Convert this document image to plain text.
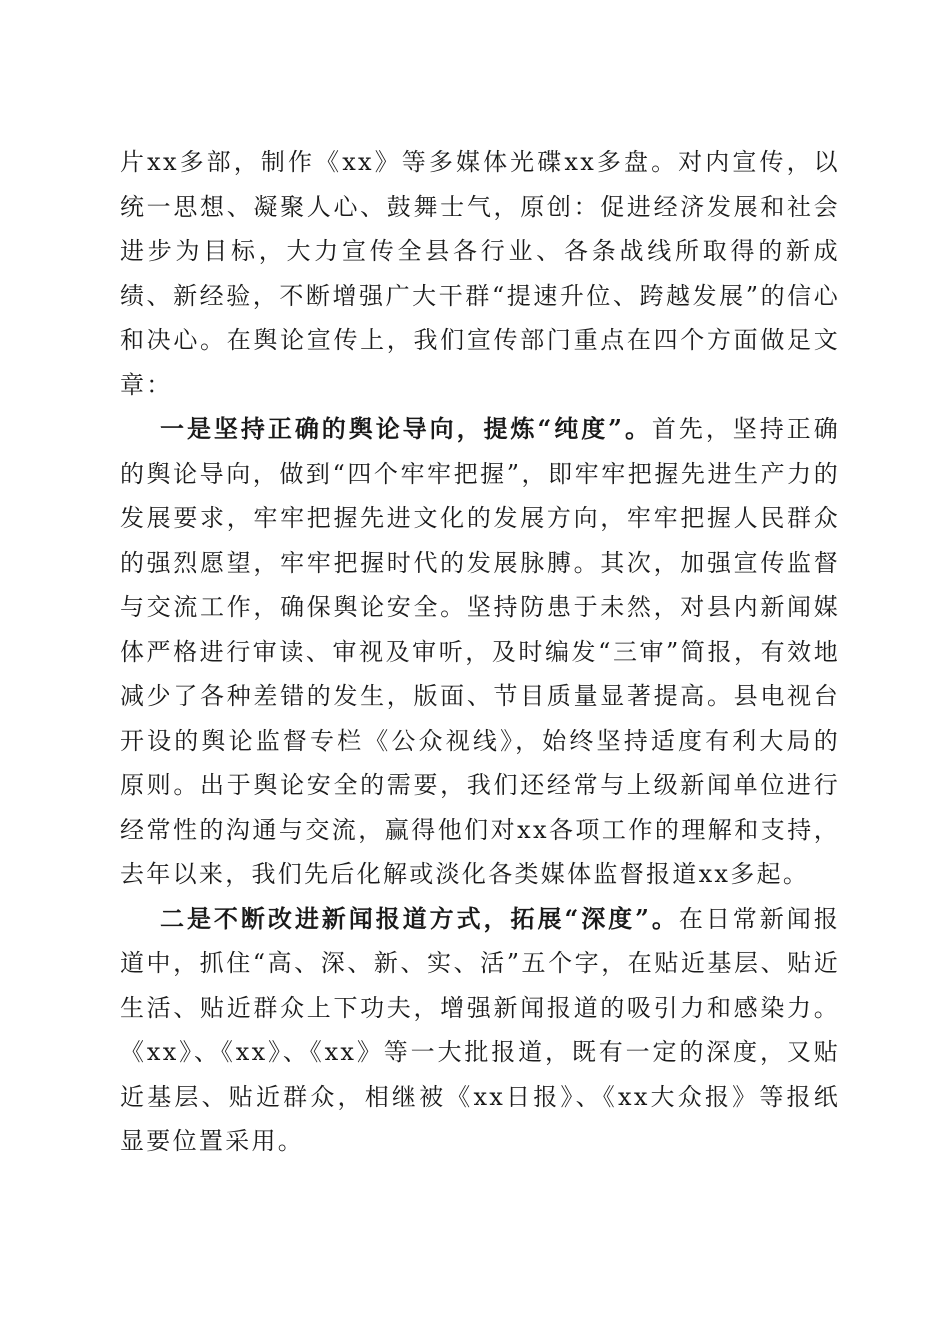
片xx多部，制作《xx》等多媒体光碟xx多盘。对内宣传，以统一思想、凝聚人心、鼓舞士气，原创：促进经济发展和社会进步为目标，大力宣传全县各行业、各条战线所取得的新成绩、新经验，不断增强广大干群“提速升位、跨越发展”的信心和决心。在舆论宣传上，我们宣传部门重点在四个方面做足文章：

一是坚持正确的舆论导向，提炼“纯度”。首先，坚持正确的舆论导向，做到“四个牢牢把握”，即牢牢把握先进生产力的发展要求，牢牢把握先进文化的发展方向，牢牢把握人民群众的强烈愿望，牢牢把握时代的发展脉膊。其次，加强宣传监督与交流工作，确保舆论安全。坚持防患于未然，对县内新闻媒体严格进行审读、审视及审听，及时编发“三审”简报，有效地减少了各种差错的发生，版面、节目质量显著提高。县电视台开设的舆论监督专栏《公众视线》，始终坚持适度有利大局的原则。出于舆论安全的需要，我们还经常与上级新闻单位进行经常性的沟通与交流，赢得他们对xx各项工作的理解和支持，去年以来，我们先后化解或淡化各类媒体监督报道xx多起。

二是不断改进新闻报道方式，拓展“深度”。在日常新闻报道中，抓住“高、深、新、实、活”五个字，在贴近基层、贴近生活、贴近群众上下功夫，增强新闻报道的吸引力和感染力。《xx》、《xx》、《xx》等一大批报道，既有一定的深度，又贴近基层、贴近群众，相继被《xx日报》、《xx大众报》等报纸显要位置采用。
